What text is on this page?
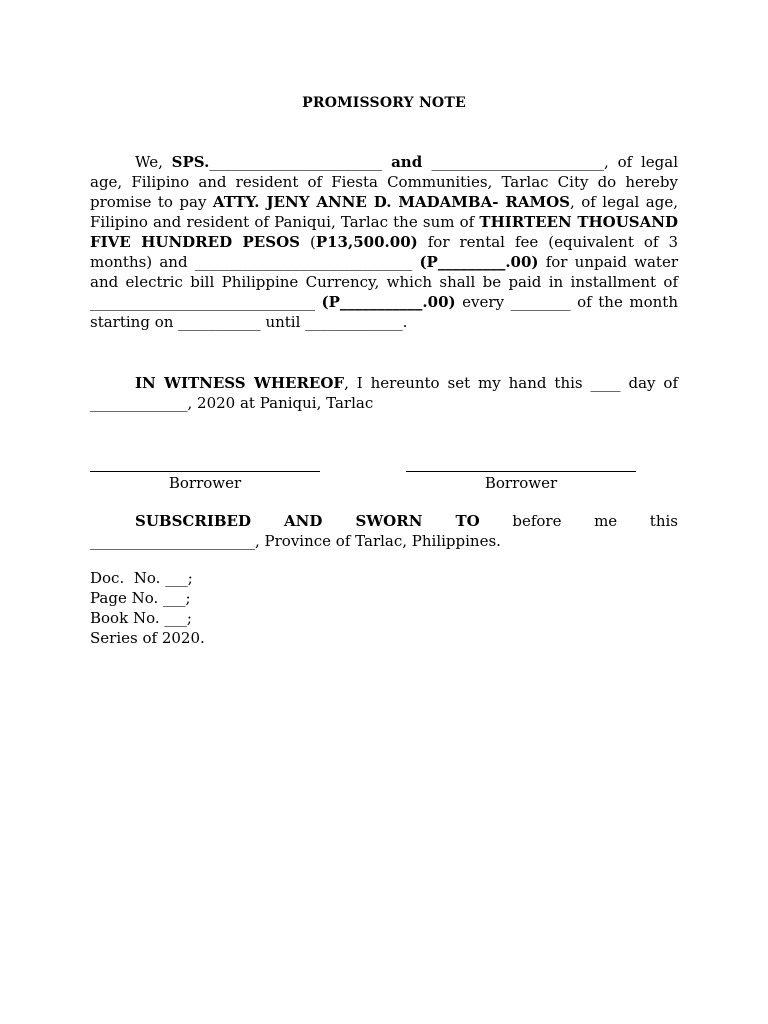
PROMISSORY NOTE

We, SPS._______________________ and _______________________, of legal age, Filipino and resident of Fiesta Communities, Tarlac City do hereby promise to pay ATTY. JENY ANNE D. MADAMBA- RAMOS, of legal age, Filipino and resident of Paniqui, Tarlac the sum of THIRTEEN THOUSAND FIVE HUNDRED PESOS (P13,500.00) for rental fee (equivalent of 3 months) and _____________________________ (P_________.00) for unpaid water and electric bill Philippine Currency, which shall be paid in installment of ______________________________ (P___________.00) every ________ of the month starting on ___________ until _____________.

IN WITNESS WHEREOF, I hereunto set my hand this ____ day of _____________, 2020 at Paniqui, Tarlac

Borrower	Borrower

SUBSCRIBED AND SWORN TO before me this

______________________, Province of Tarlac, Philippines.

Doc.  No. ___;
Page No. ___;
Book No. ___;
Series of 2020.
